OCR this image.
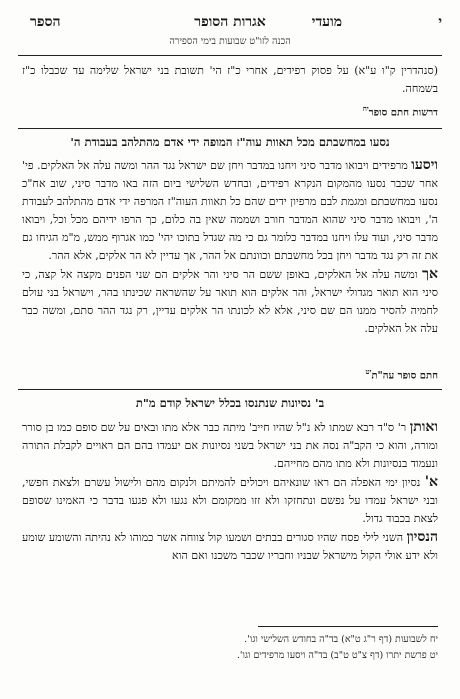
י
מועדי
אגרות הסופר
הספר
הכנה לזו"ט שבועות בימי הספירה

(סנהדרין ק"ו ע"א) על פסוק רפידים, אחרי כ"ז הי' תשובת בני ישראל שלימה עד שכבלו כ"ז בשמחה.

דרשות חתם סופר$^{יח}$
נסעו במחשבתם מכל תאוות עוה"ז המופה ידי אדם מהתלהב בעבודת ה'

ויסעו מרפידים ויבואו מדבר סיני ויחנו במדבר ויחן שם ישראל נגד ההר ומשה עלה אל האלקים. פי' אחר שכבר נסעו מהמקום הנקרא רפידים, ובחדש השלישי ביום הזה באו מדבר סיני, שוב אח"כ נסעו במחשבתם ומגמת לבם מרפיון ידים שהם כל תאוות העוה"ז המרפה ידי אדם מהתלהב לעבודת ה', ויבואו מדבר סיני שהוא המדבר חורב ושממה שאין בה כלום, כך הרפו ידיהם מכל וכל, ויבואו מדבר סיני, ועוד עלו ויחנו במדבר כלומר גם כי מה שגדל בתוכו יהי' כמו אגרוף ממש, מ"מ הגיחו גם את זה רק נגד מדבר ויחן בכל מחשבתם וכוונתם אל ההר, אך עדיין לא הר אלקים, אלא ההר.

אך ומשה עלה אל האלקים, באופן ששם הר סיני והר אלקים הם שני הפנים מקצה אל קצה, כי סיני הוא תואר מגדולי ישראל, והר אלקים הוא תואר על שהשראה שכינתו בהר, וישראל בני עולם לחמיה להסיר ממנו הם שם סיני, אלא לא לכונתו הר אלקים עדיין, רק נגד ההר סתם, ומשה כבר עלה אל האלקים.

חתם סופר עה"ת$^{יט}$
ב' נסיונות שנתנסו בכלל ישראל קודם מ"ת

ואותן ר' ס"ד רבא שמתו לא נ"ל שהיו חייב' מיתה כבר אלא מתו ובאים על שם סופם כמו בן סורר ומורה, והוא כי הקב"ה נסה את בני ישראל בשני נסיונות אם יעמדו בהם הם ראויים לקבלת התורה ונעמוד בנסיונות ולא מתו מהם מחייהם.

א' נסיון ימי האפלה הם ראו שונאיהם ויכולים להמיתם ולנקום מהם ולישול עשרם ולצאת חפשי, ובני ישראל עמדו על נפשם ונתחזקו ולא זזו ממקומם ולא נגעו ולא פגעו בדבר כי האמינו שסופם לצאת בכבוד גדול.

הנסיון השני לילי פסח שהיו סגורים בבתים ושמעו קול צווחה אשר כמוהו לא נהיתה והשומע שומע ולא ידע אולי הקול מישראל שבניו וחבריו שכבר משכנו ואם הוא

יח לשבועות (דף ר"ג ט"א) בד"ה בחודש השלישי וגו'.
יט פרשת יתרו (דף צ"ט ט"ב) בד"ה ויסעו מרפידים וגו'.
